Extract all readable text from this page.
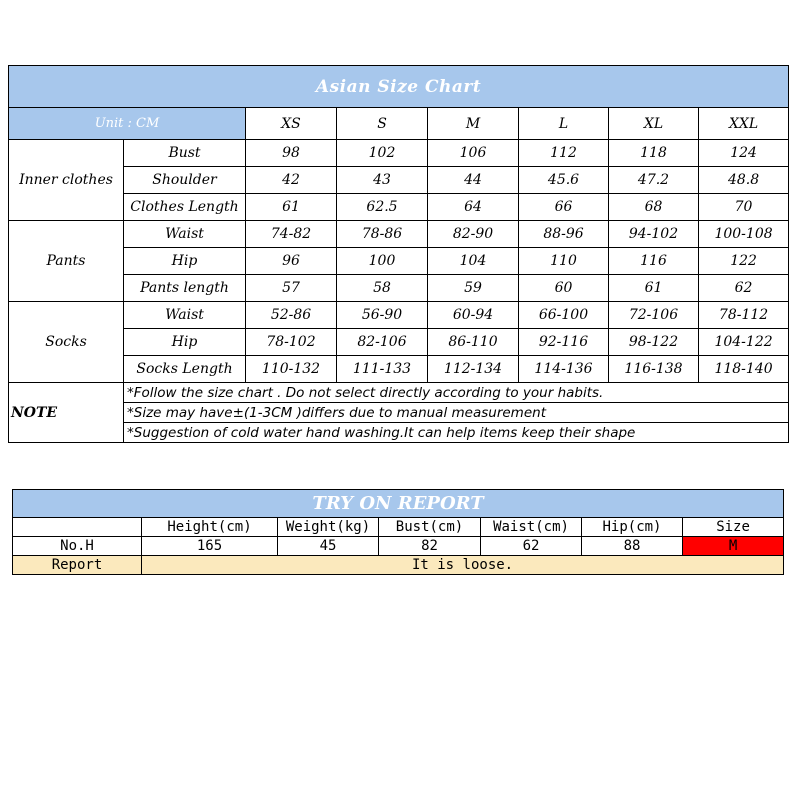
Asian Size Chart							
Unit : CM		XS	S	M	L	XL	XXL
Inner clothes	Bust	98	102	106	112	118	124
	Shoulder	42	43	44	45.6	47.2	48.8
	Clothes Length	61	62.5	64	66	68	70
Pants	Waist	74-82	78-86	82-90	88-96	94-102	100-108
	Hip	96	100	104	110	116	122
	Pants length	57	58	59	60	61	62
Socks	Waist	52-86	56-90	60-94	66-100	72-106	78-112
	Hip	78-102	82-106	86-110	92-116	98-122	104-122
	Socks Length	110-132	111-133	112-134	114-136	116-138	118-140
NOTE	*Follow the size chart . Do not select directly according to your habits.						
	*Size may have±(1-3CM )differs due to manual measurement						
	*Suggestion of cold water hand washing.It can help items keep their shape						
TRY ON REPORT						
	Height(cm)	Weight(kg)	Bust(cm)	Waist(cm)	Hip(cm)	Size
No.H	165	45	82	62	88	M
Report	It is loose.					
